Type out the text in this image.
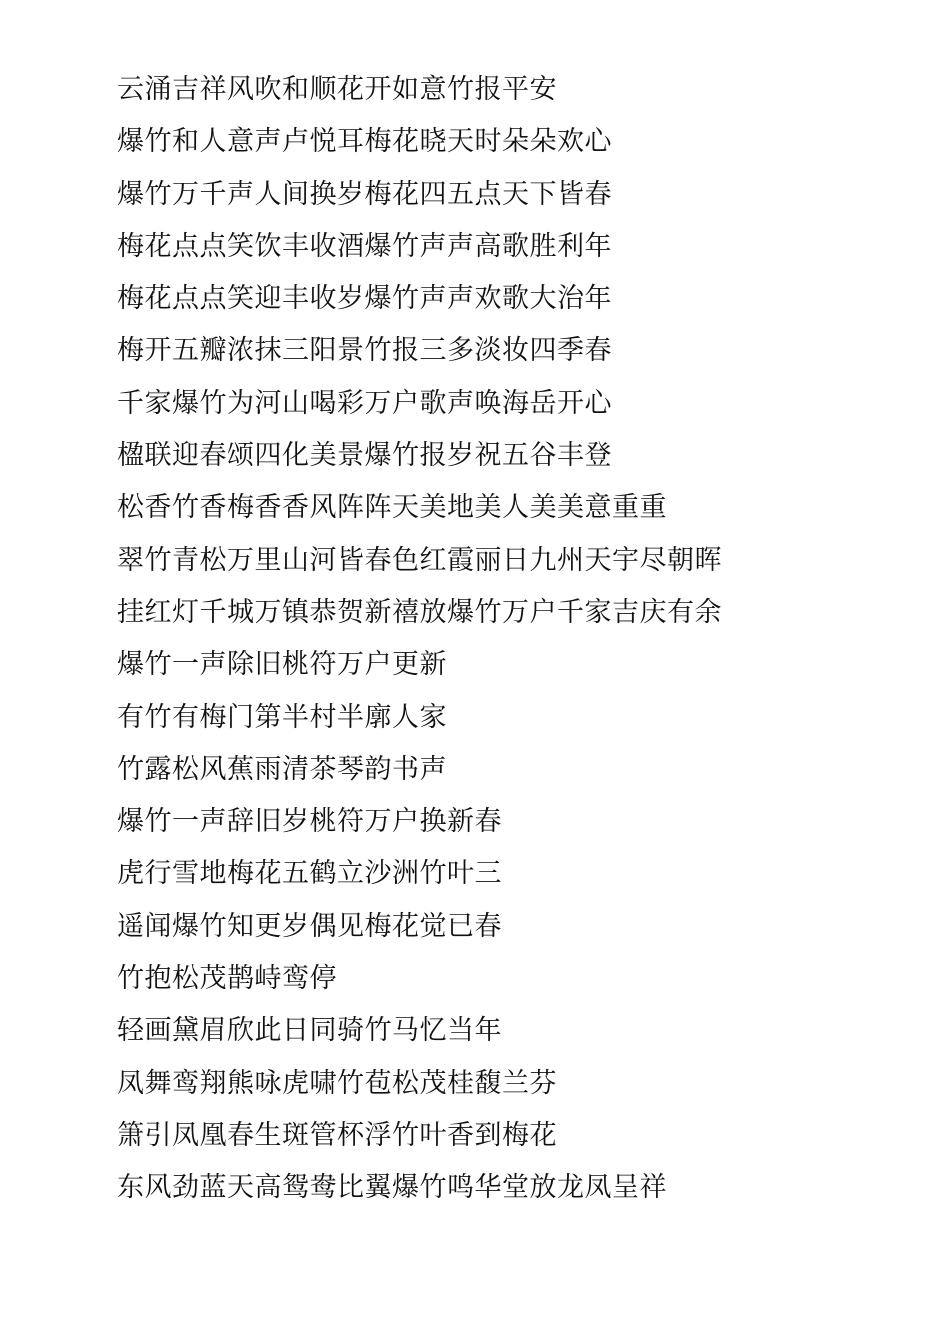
云涌吉祥风吹和顺花开如意竹报平安
爆竹和人意声卢悦耳梅花晓天时朵朵欢心
爆竹万千声人间换岁梅花四五点天下皆春
梅花点点笑饮丰收酒爆竹声声高歌胜利年
梅花点点笑迎丰收岁爆竹声声欢歌大治年
梅开五瓣浓抹三阳景竹报三多淡妆四季春
千家爆竹为河山喝彩万户歌声唤海岳开心
楹联迎春颂四化美景爆竹报岁祝五谷丰登
松香竹香梅香香风阵阵天美地美人美美意重重
翠竹青松万里山河皆春色红霞丽日九州天宇尽朝晖
挂红灯千城万镇恭贺新禧放爆竹万户千家吉庆有余
爆竹一声除旧桃符万户更新
有竹有梅门第半村半廓人家
竹露松风蕉雨清茶琴韵书声
爆竹一声辞旧岁桃符万户换新春
虎行雪地梅花五鹤立沙洲竹叶三
遥闻爆竹知更岁偶见梅花觉已春
竹抱松茂鹊峙鸾停
轻画黛眉欣此日同骑竹马忆当年
凤舞鸾翔熊咏虎啸竹苞松茂桂馥兰芬
箫引凤凰春生斑管杯浮竹叶香到梅花
东风劲蓝天高鸳鸯比翼爆竹鸣华堂放龙凤呈祥
